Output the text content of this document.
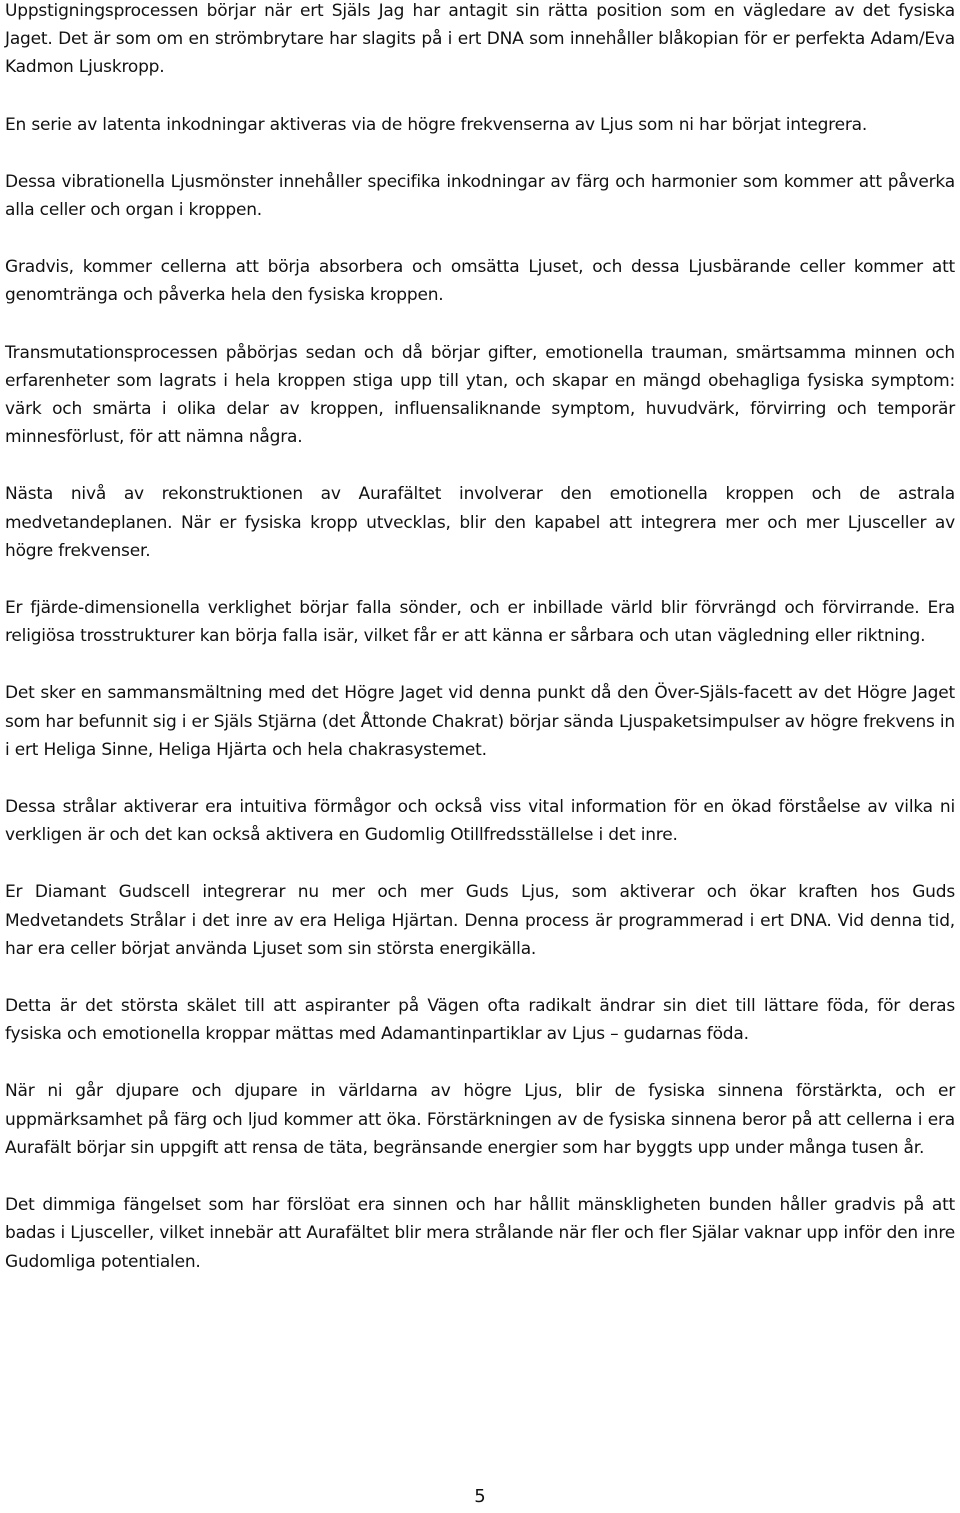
Uppstigningsprocessen börjar när ert Själs Jag har antagit sin rätta position som en vägledare av det fysiska Jaget. Det är som om en strömbrytare har slagits på i ert DNA som innehåller blåkopian för er perfekta Adam/Eva Kadmon Ljuskropp.

En serie av latenta inkodningar aktiveras via de högre frekvenserna av Ljus som ni har börjat integrera.

Dessa vibrationella Ljusmönster innehåller specifika inkodningar av färg och harmonier som kommer att påverka alla celler och organ i kroppen.

Gradvis, kommer cellerna att börja absorbera och omsätta Ljuset, och dessa Ljusbärande celler kommer att genomtränga och påverka hela den fysiska kroppen.

Transmutationsprocessen påbörjas sedan och då börjar gifter, emotionella trauman, smärtsamma minnen och erfarenheter som lagrats i hela kroppen stiga upp till ytan, och skapar en mängd obehagliga fysiska symptom: värk och smärta i olika delar av kroppen, influensaliknande symptom, huvudvärk, förvirring och temporär minnesförlust, för att nämna några.

Nästa nivå av rekonstruktionen av Aurafältet involverar den emotionella kroppen och de astrala medvetandeplanen. När er fysiska kropp utvecklas, blir den kapabel att integrera mer och mer Ljusceller av högre frekvenser.

Er fjärde-dimensionella verklighet börjar falla sönder, och er inbillade värld blir förvrängd och förvirrande. Era religiösa trosstrukturer kan börja falla isär, vilket får er att känna er sårbara och utan vägledning eller riktning.

Det sker en sammansmältning med det Högre Jaget vid denna punkt då den Över-Själs-facett av det Högre Jaget som har befunnit sig i er Själs Stjärna (det Åttonde Chakrat) börjar sända Ljuspaketsimpulser av högre frekvens in i ert Heliga Sinne, Heliga Hjärta och hela chakrasystemet.

Dessa strålar aktiverar era intuitiva förmågor och också viss vital information för en ökad förståelse av vilka ni verkligen är och det kan också aktivera en Gudomlig Otillfredsställelse i det inre.

Er Diamant Gudscell integrerar nu mer och mer Guds Ljus, som aktiverar och ökar kraften hos Guds Medvetandets Strålar i det inre av era Heliga Hjärtan. Denna process är programmerad i ert DNA. Vid denna tid, har era celler börjat använda Ljuset som sin största energikälla.

Detta är det största skälet till att aspiranter på Vägen ofta radikalt ändrar sin diet till lättare föda, för deras fysiska och emotionella kroppar mättas med Adamantinpartiklar av Ljus – gudarnas föda.

När ni går djupare och djupare in världarna av högre Ljus, blir de fysiska sinnena förstärkta, och er uppmärksamhet på färg och ljud kommer att öka. Förstärkningen av de fysiska sinnena beror på att cellerna i era Aurafält börjar sin uppgift att rensa de täta, begränsande energier som har byggts upp under många tusen år.

Det dimmiga fängelset som har förslöat era sinnen och har hållit mänskligheten bunden håller gradvis på att badas i Ljusceller, vilket innebär att Aurafältet blir mera strålande när fler och fler Själar vaknar upp inför den inre Gudomliga potentialen.

5
